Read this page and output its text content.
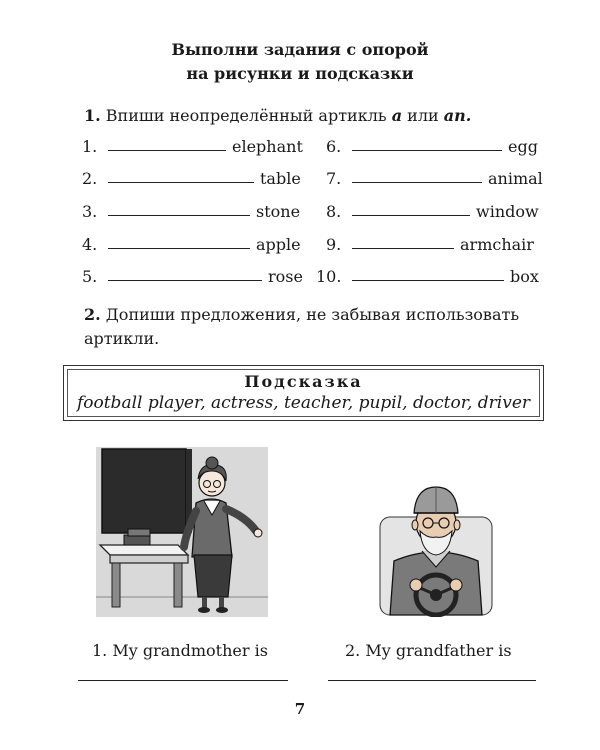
Выполни задания с опорой
на рисунки и подсказки
1. Впиши неопределённый артикль a или an.
1.	elephant
2.	table
3.	stone
4.	apple
5.	rose
6.	egg
7.	animal
8.	window
9.	armchair
10.	box
2. Допиши предложения, не забывая использовать
артикли.
Подсказка
football player, actress, teacher, pupil, doctor, driver
1. My grandmother is	2. My grandfather is
7
